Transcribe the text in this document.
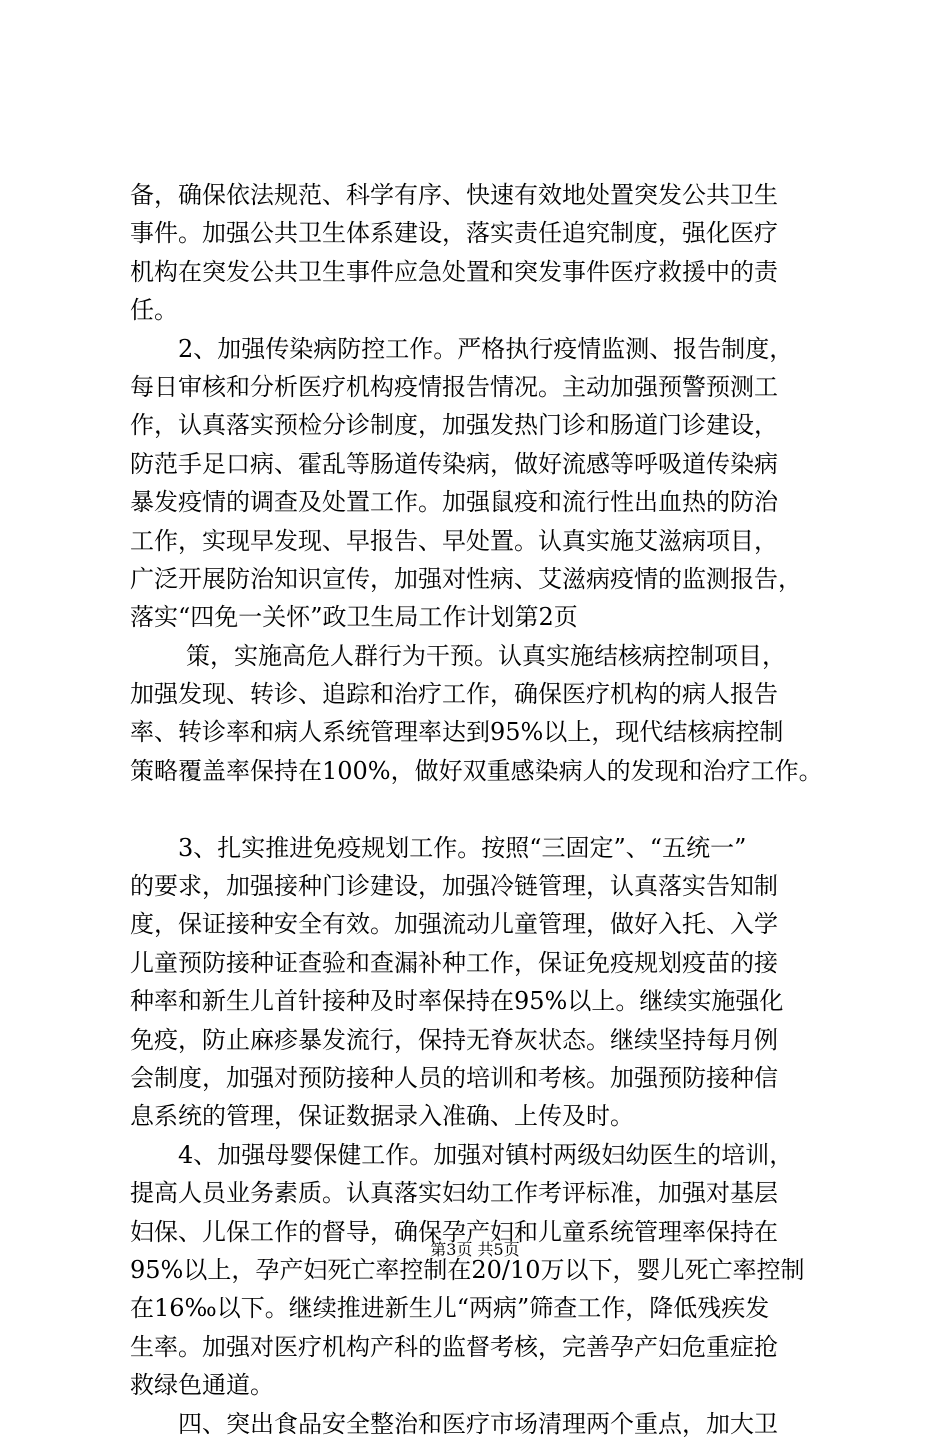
备，确保依法规范、科学有序、快速有效地处置突发公共卫生
事件。加强公共卫生体系建设，落实责任追究制度，强化医疗
机构在突发公共卫生事件应急处置和突发事件医疗救援中的责
任。
2、加强传染病防控工作。严格执行疫情监测、报告制度，
每日审核和分析医疗机构疫情报告情况。主动加强预警预测工
作，认真落实预检分诊制度，加强发热门诊和肠道门诊建设，
防范手足口病、霍乱等肠道传染病，做好流感等呼吸道传染病
暴发疫情的调查及处置工作。加强鼠疫和流行性出血热的防治
工作，实现早发现、早报告、早处置。认真实施艾滋病项目，
广泛开展防治知识宣传，加强对性病、艾滋病疫情的监测报告，
落实“四免一关怀”政卫生局工作计划第2页
策，实施高危人群行为干预。认真实施结核病控制项目，
加强发现、转诊、追踪和治疗工作，确保医疗机构的病人报告
率、转诊率和病人系统管理率达到95%以上，现代结核病控制
策略覆盖率保持在100%，做好双重感染病人的发现和治疗工作。
3、扎实推进免疫规划工作。按照“三固定”、“五统一”
的要求，加强接种门诊建设，加强冷链管理，认真落实告知制
度，保证接种安全有效。加强流动儿童管理，做好入托、入学
儿童预防接种证查验和查漏补种工作，保证免疫规划疫苗的接
种率和新生儿首针接种及时率保持在95%以上。继续实施强化
免疫，防止麻疹暴发流行，保持无脊灰状态。继续坚持每月例
会制度，加强对预防接种人员的培训和考核。加强预防接种信
息系统的管理，保证数据录入准确、上传及时。
4、加强母婴保健工作。加强对镇村两级妇幼医生的培训，
提高人员业务素质。认真落实妇幼工作考评标准，加强对基层
妇保、儿保工作的督导，确保孕产妇和儿童系统管理率保持在
95%以上，孕产妇死亡率控制在20/10万以下，婴儿死亡率控制
在16‰以下。继续推进新生儿“两病”筛查工作，降低残疾发
生率。加强对医疗机构产科的监督考核，完善孕产妇危重症抢
救绿色通道。
四、突出食品安全整治和医疗市场清理两个重点，加大卫
第3页 共5页
